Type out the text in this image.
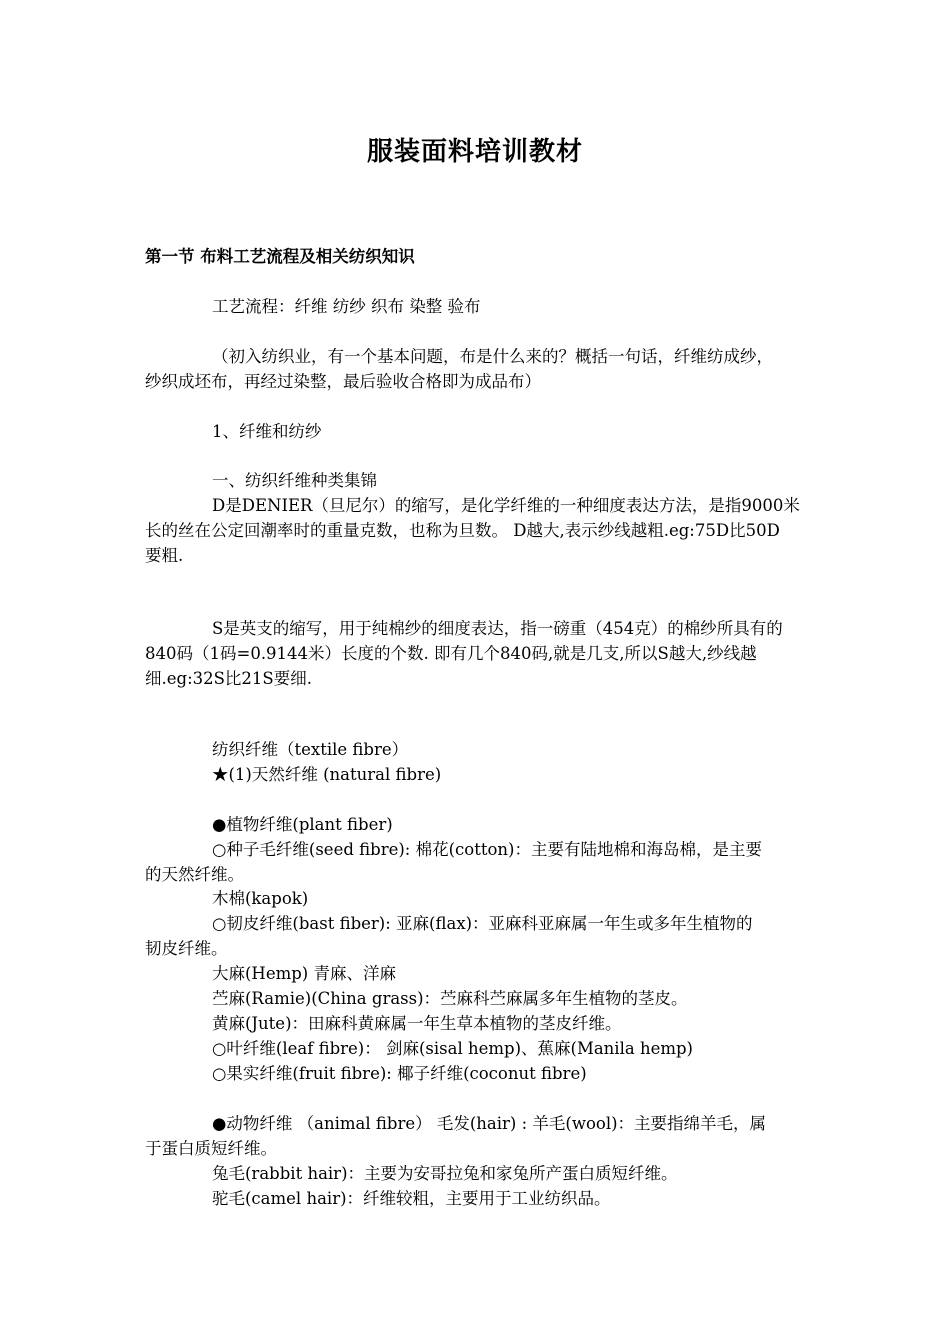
服装面料培训教材
第一节 布料工艺流程及相关纺织知识
工艺流程：纤维 纺纱 织布 染整 验布
（初入纺织业，有一个基本问题，布是什么来的？概括一句话，纤维纺成纱，
纱织成坯布，再经过染整，最后验收合格即为成品布）
1、纤维和纺纱
一、纺织纤维种类集锦
D是DENIER（旦尼尔）的缩写，是化学纤维的一种细度表达方法，是指9000米
长的丝在公定回潮率时的重量克数，也称为旦数。 D越大,表示纱线越粗.eg:75D比50D
要粗.
S是英支的缩写，用于纯棉纱的细度表达，指一磅重（454克）的棉纱所具有的
840码（1码=0.9144米）长度的个数. 即有几个840码,就是几支,所以S越大,纱线越
细.eg:32S比21S要细.
纺织纤维（textile fibre）
★(1)天然纤维 (natural fibre)
●植物纤维(plant fiber)
○种子毛纤维(seed fibre): 棉花(cotton)：主要有陆地棉和海岛棉，是主要
的天然纤维。
木棉(kapok)
○韧皮纤维(bast fiber): 亚麻(flax)：亚麻科亚麻属一年生或多年生植物的
韧皮纤维。
大麻(Hemp) 青麻、洋麻
苎麻(Ramie)(China grass)：苎麻科苎麻属多年生植物的茎皮。
黄麻(Jute)：田麻科黄麻属一年生草本植物的茎皮纤维。
○叶纤维(leaf fibre)： 剑麻(sisal hemp)、蕉麻(Manila hemp)
○果实纤维(fruit fibre): 椰子纤维(coconut fibre)
●动物纤维 （animal fibre） 毛发(hair) : 羊毛(wool)：主要指绵羊毛，属
于蛋白质短纤维。
兔毛(rabbit hair)：主要为安哥拉兔和家兔所产蛋白质短纤维。
驼毛(camel hair)：纤维较粗，主要用于工业纺织品。
